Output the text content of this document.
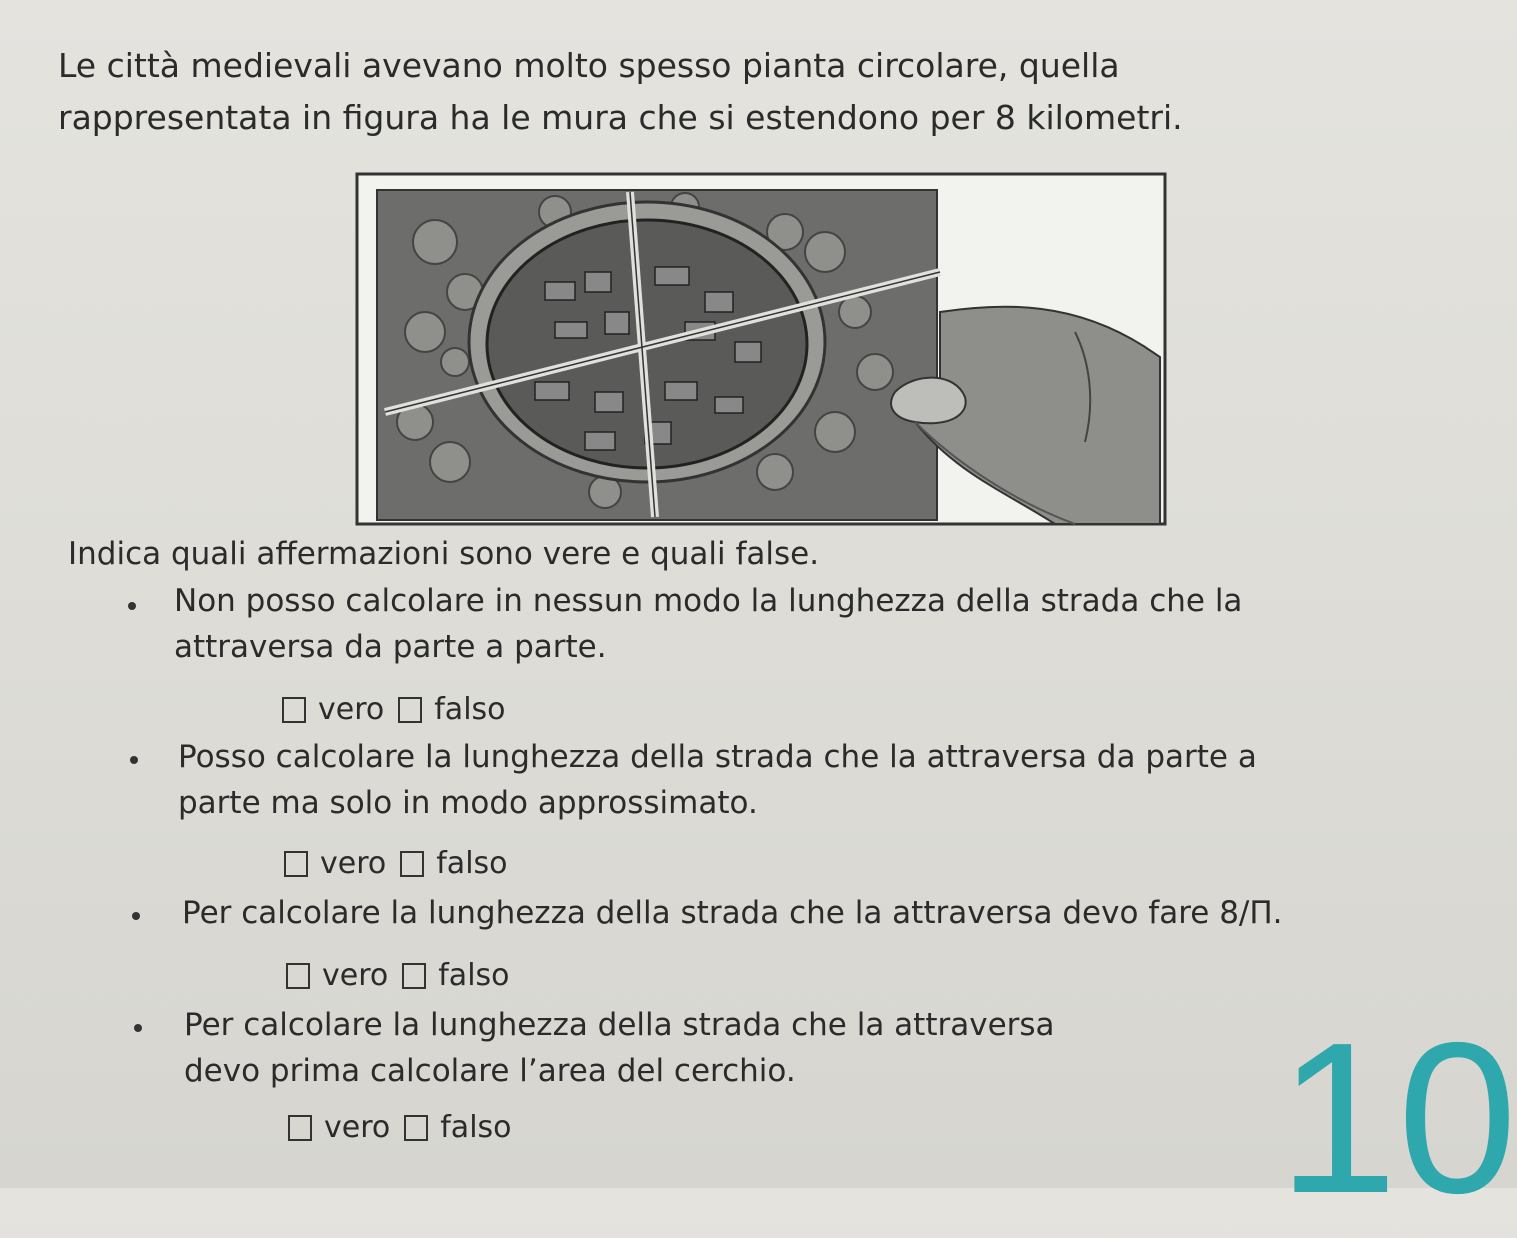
Le città medievali avevano molto spesso pianta circolare, quella
rappresentata in figura ha le mura che si estendono per 8 kilometri.

Indica quali affermazioni sono vere e quali false.

Non posso calcolare in nessun modo la lunghezza della strada che la
attraversa da parte a parte.

vero falso

Posso calcolare la lunghezza della strada che la attraversa da parte a
parte ma solo in modo approssimato.

vero falso

Per calcolare la lunghezza della strada che la attraversa devo fare 8/Π.

vero falso

Per calcolare la lunghezza della strada che la attraversa
devo prima calcolare l’area del cerchio.

vero falso	10
